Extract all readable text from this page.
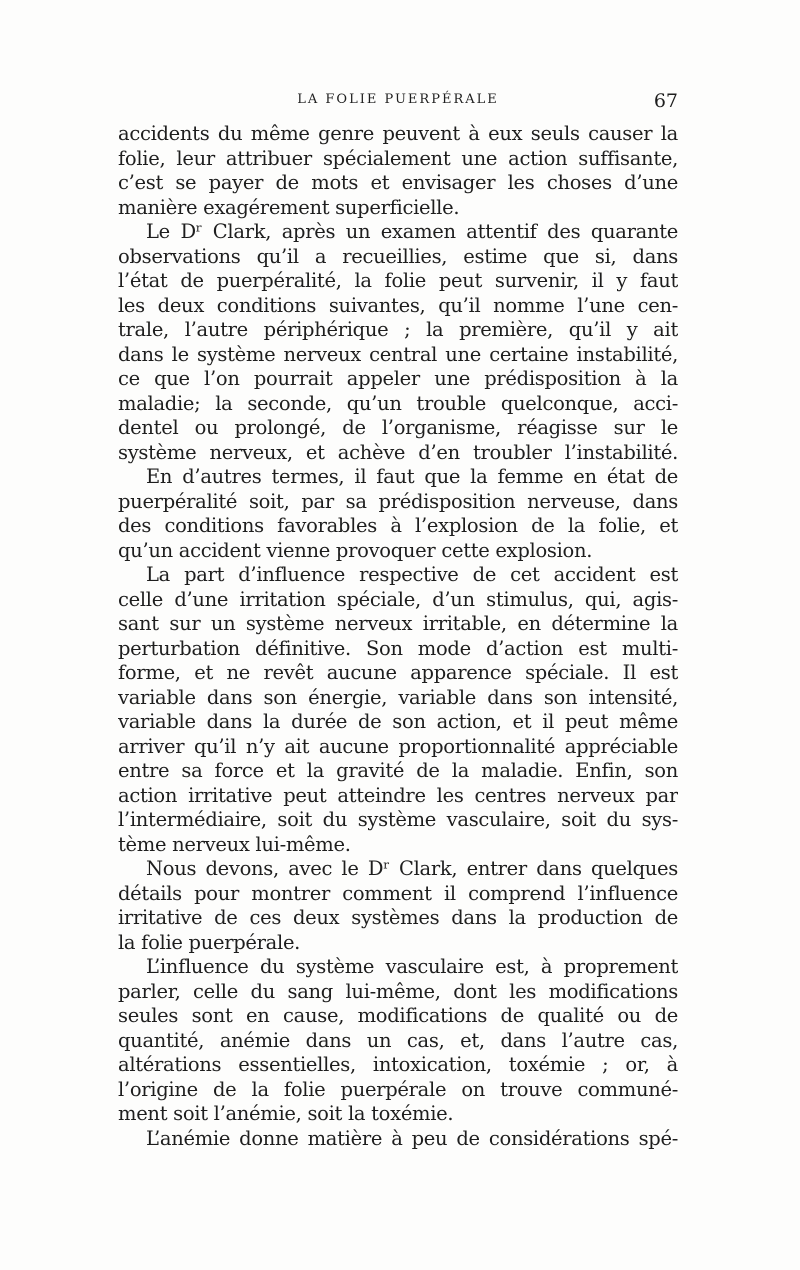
LA FOLIE PUERPÉRALE	67
accidents du même genre peuvent à eux seuls causer la
folie, leur attribuer spécialement une action suffisante,
c’est se payer de mots et envisager les choses d’une
manière exagérement superficielle.
Le Dʳ Clark, après un examen attentif des quarante
observations qu’il a recueillies, estime que si, dans
l’état de puerpéralité, la folie peut survenir, il y faut
les deux conditions suivantes, qu’il nomme l’une cen-
trale, l’autre périphérique ; la première, qu’il y ait
dans le système nerveux central une certaine instabilité,
ce que l’on pourrait appeler une prédisposition à la
maladie; la seconde, qu’un trouble quelconque, acci-
dentel ou prolongé, de l’organisme, réagisse sur le
système nerveux, et achève d’en troubler l’instabilité.
En d’autres termes, il faut que la femme en état de
puerpéralité soit, par sa prédisposition nerveuse, dans
des conditions favorables à l’explosion de la folie, et
qu’un accident vienne provoquer cette explosion.
La part d’influence respective de cet accident est
celle d’une irritation spéciale, d’un stimulus, qui, agis-
sant sur un système nerveux irritable, en détermine la
perturbation définitive. Son mode d’action est multi-
forme, et ne revêt aucune apparence spéciale. Il est
variable dans son énergie, variable dans son intensité,
variable dans la durée de son action, et il peut même
arriver qu’il n’y ait aucune proportionnalité appréciable
entre sa force et la gravité de la maladie. Enfin, son
action irritative peut atteindre les centres nerveux par
l’intermédiaire, soit du système vasculaire, soit du sys-
tème nerveux lui-même.
Nous devons, avec le Dʳ Clark, entrer dans quelques
détails pour montrer comment il comprend l’influence
irritative de ces deux systèmes dans la production de
la folie puerpérale.
L’influence du système vasculaire est, à proprement
parler, celle du sang lui-même, dont les modifications
seules sont en cause, modifications de qualité ou de
quantité, anémie dans un cas, et, dans l’autre cas,
altérations essentielles, intoxication, toxémie ; or, à
l’origine de la folie puerpérale on trouve communé-
ment soit l’anémie, soit la toxémie.
L’anémie donne matière à peu de considérations spé-
